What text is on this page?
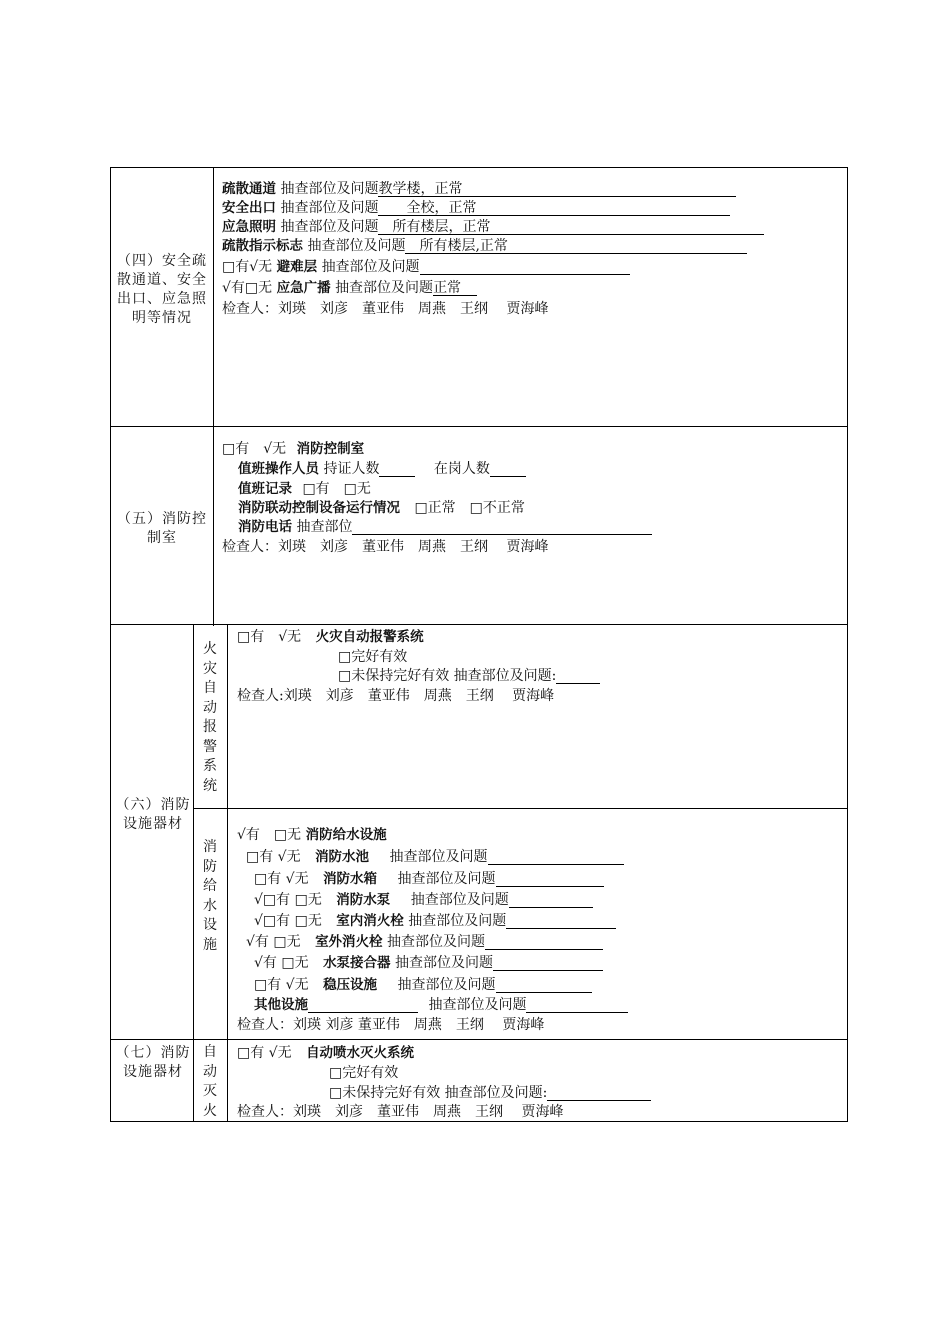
（四）安全疏散通道、安全出口、应急照明等情况
疏散通道 抽查部位及问题教学楼，正常
安全出口 抽查部位及问题 全校，正常
应急照明 抽查部位及问题 所有楼层，正常
疏散指示标志 抽查部位及问题 所有楼层,正常
□有√无 避难层 抽查部位及问题
√有□无 应急广播 抽查部位及问题正常
检查人：刘瑛　刘彦　董亚伟　周燕　王纲　 贾海峰
（五）消防控制室
□有　√无 消防控制室
值班操作人员 持证人数	在岗人数
值班记录 □有　□无
消防联动控制设备运行情况 □正常　□不正常
消防电话 抽查部位
检查人：刘瑛　刘彦　董亚伟　周燕　王纲　 贾海峰
（六）消防设施器材
火
灾
自
动
报
警
系
统
□有　√无 火灾自动报警系统
□完好有效
□未保持完好有效 抽查部位及问题:
检查人:刘瑛　刘彦　董亚伟　周燕　王纲　 贾海峰
消
防
给
水
设
施
√有　□无 消防给水设施
□有 √无 消防水池 抽查部位及问题
□有 √无 消防水箱 抽查部位及问题
√□有 □无 消防水泵 抽查部位及问题
√□有 □无 室内消火栓 抽查部位及问题
√有 □无 室外消火栓 抽查部位及问题
√有 □无 水泵接合器 抽查部位及问题
□有 √无 稳压设施 抽查部位及问题
其他设施	抽查部位及问题
检查人：刘瑛 刘彦 董亚伟　周燕　王纲　 贾海峰
（七）消防设施器材
自
动
灭
火
□有 √无 自动喷水灭火系统
□完好有效
□未保持完好有效 抽查部位及问题:
检查人：刘瑛　刘彦　董亚伟　周燕　王纲　 贾海峰
